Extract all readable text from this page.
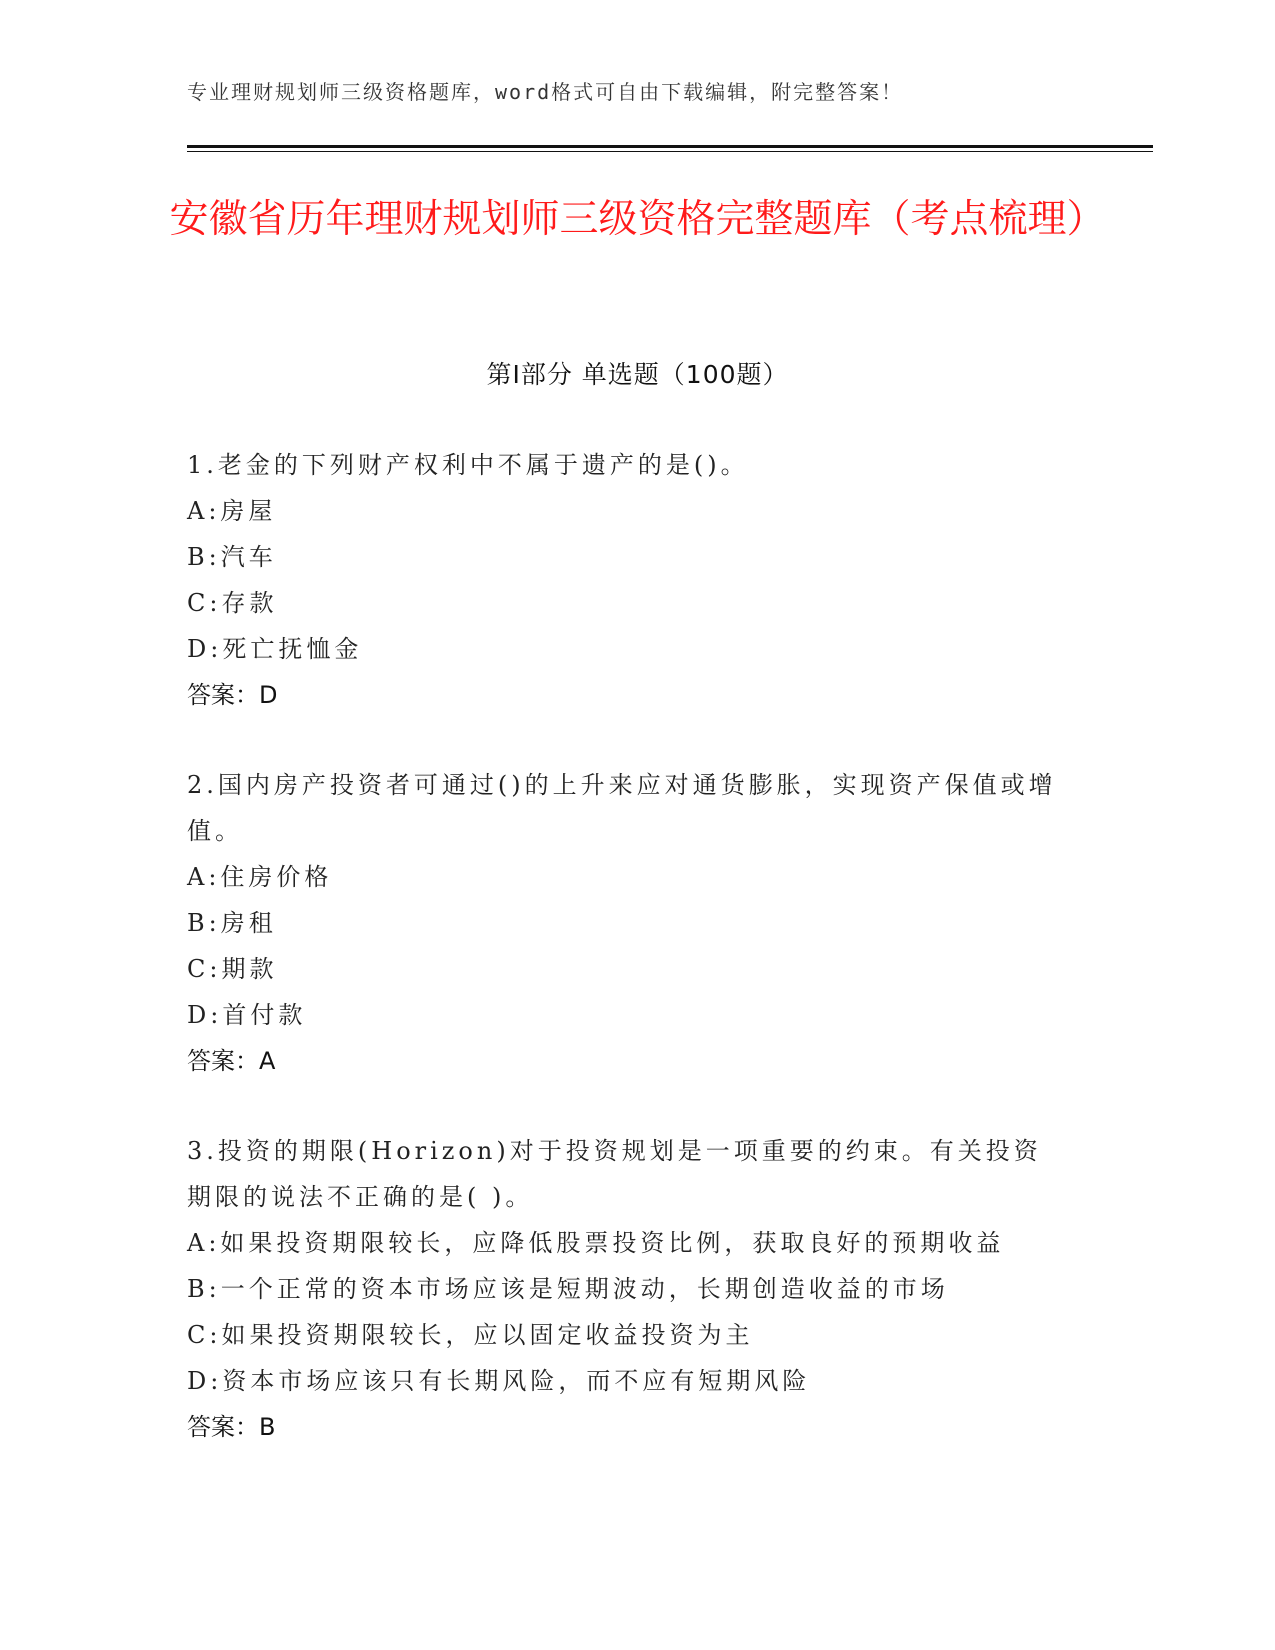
专业理财规划师三级资格题库，word格式可自由下载编辑，附完整答案！
安徽省历年理财规划师三级资格完整题库（考点梳理）
第Ⅰ部分 单选题（100题）
1.老金的下列财产权利中不属于遗产的是()。
A:房屋
B:汽车
C:存款
D:死亡抚恤金
答案：D
2.国内房产投资者可通过()的上升来应对通货膨胀，实现资产保值或增值。
A:住房价格
B:房租
C:期款
D:首付款
答案：A
3.投资的期限(Horizon)对于投资规划是一项重要的约束。有关投资期限的说法不正确的是( )。
A:如果投资期限较长，应降低股票投资比例，获取良好的预期收益
B:一个正常的资本市场应该是短期波动，长期创造收益的市场
C:如果投资期限较长，应以固定收益投资为主
D:资本市场应该只有长期风险，而不应有短期风险
答案：B
